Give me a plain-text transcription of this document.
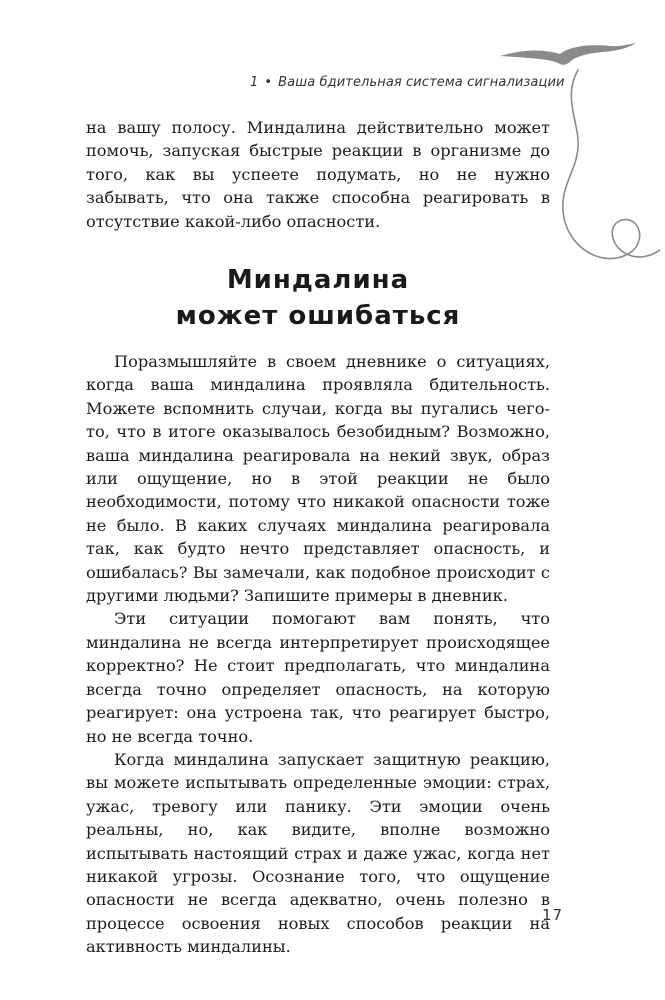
1 • Ваша бдительная система сигнализации

на вашу полосу. Миндалина действительно может помочь, запуская быстрые реакции в организме до того, как вы успеете подумать, но не нужно забывать, что она также способна реагировать в отсутствие какой-либо опасности.

Миндалина
может ошибаться

Поразмышляйте в своем дневнике о ситуациях, когда ваша миндалина проявляла бдительность. Можете вспомнить случаи, когда вы пугались чего-то, что в итоге оказывалось безобидным? Возможно, ваша миндалина реагировала на некий звук, образ или ощущение, но в этой реакции не было необходимости, потому что никакой опасности тоже не было. В каких случаях миндалина реагировала так, как будто нечто представляет опасность, и ошибалась? Вы замечали, как подобное происходит с другими людьми? Запишите примеры в дневник.

Эти ситуации помогают вам понять, что миндалина не всегда интерпретирует происходящее корректно? Не стоит предполагать, что миндалина всегда точно определяет опасность, на которую реагирует: она устроена так, что реагирует быстро, но не всегда точно.

Когда миндалина запускает защитную реакцию, вы можете испытывать определенные эмоции: страх, ужас, тревогу или панику. Эти эмоции очень реальны, но, как видите, вполне возможно испытывать настоящий страх и даже ужас, когда нет никакой угрозы. Осознание того, что ощущение опасности не всегда адекватно, очень полезно в процессе освоения новых способов реакции на активность миндалины.

17
